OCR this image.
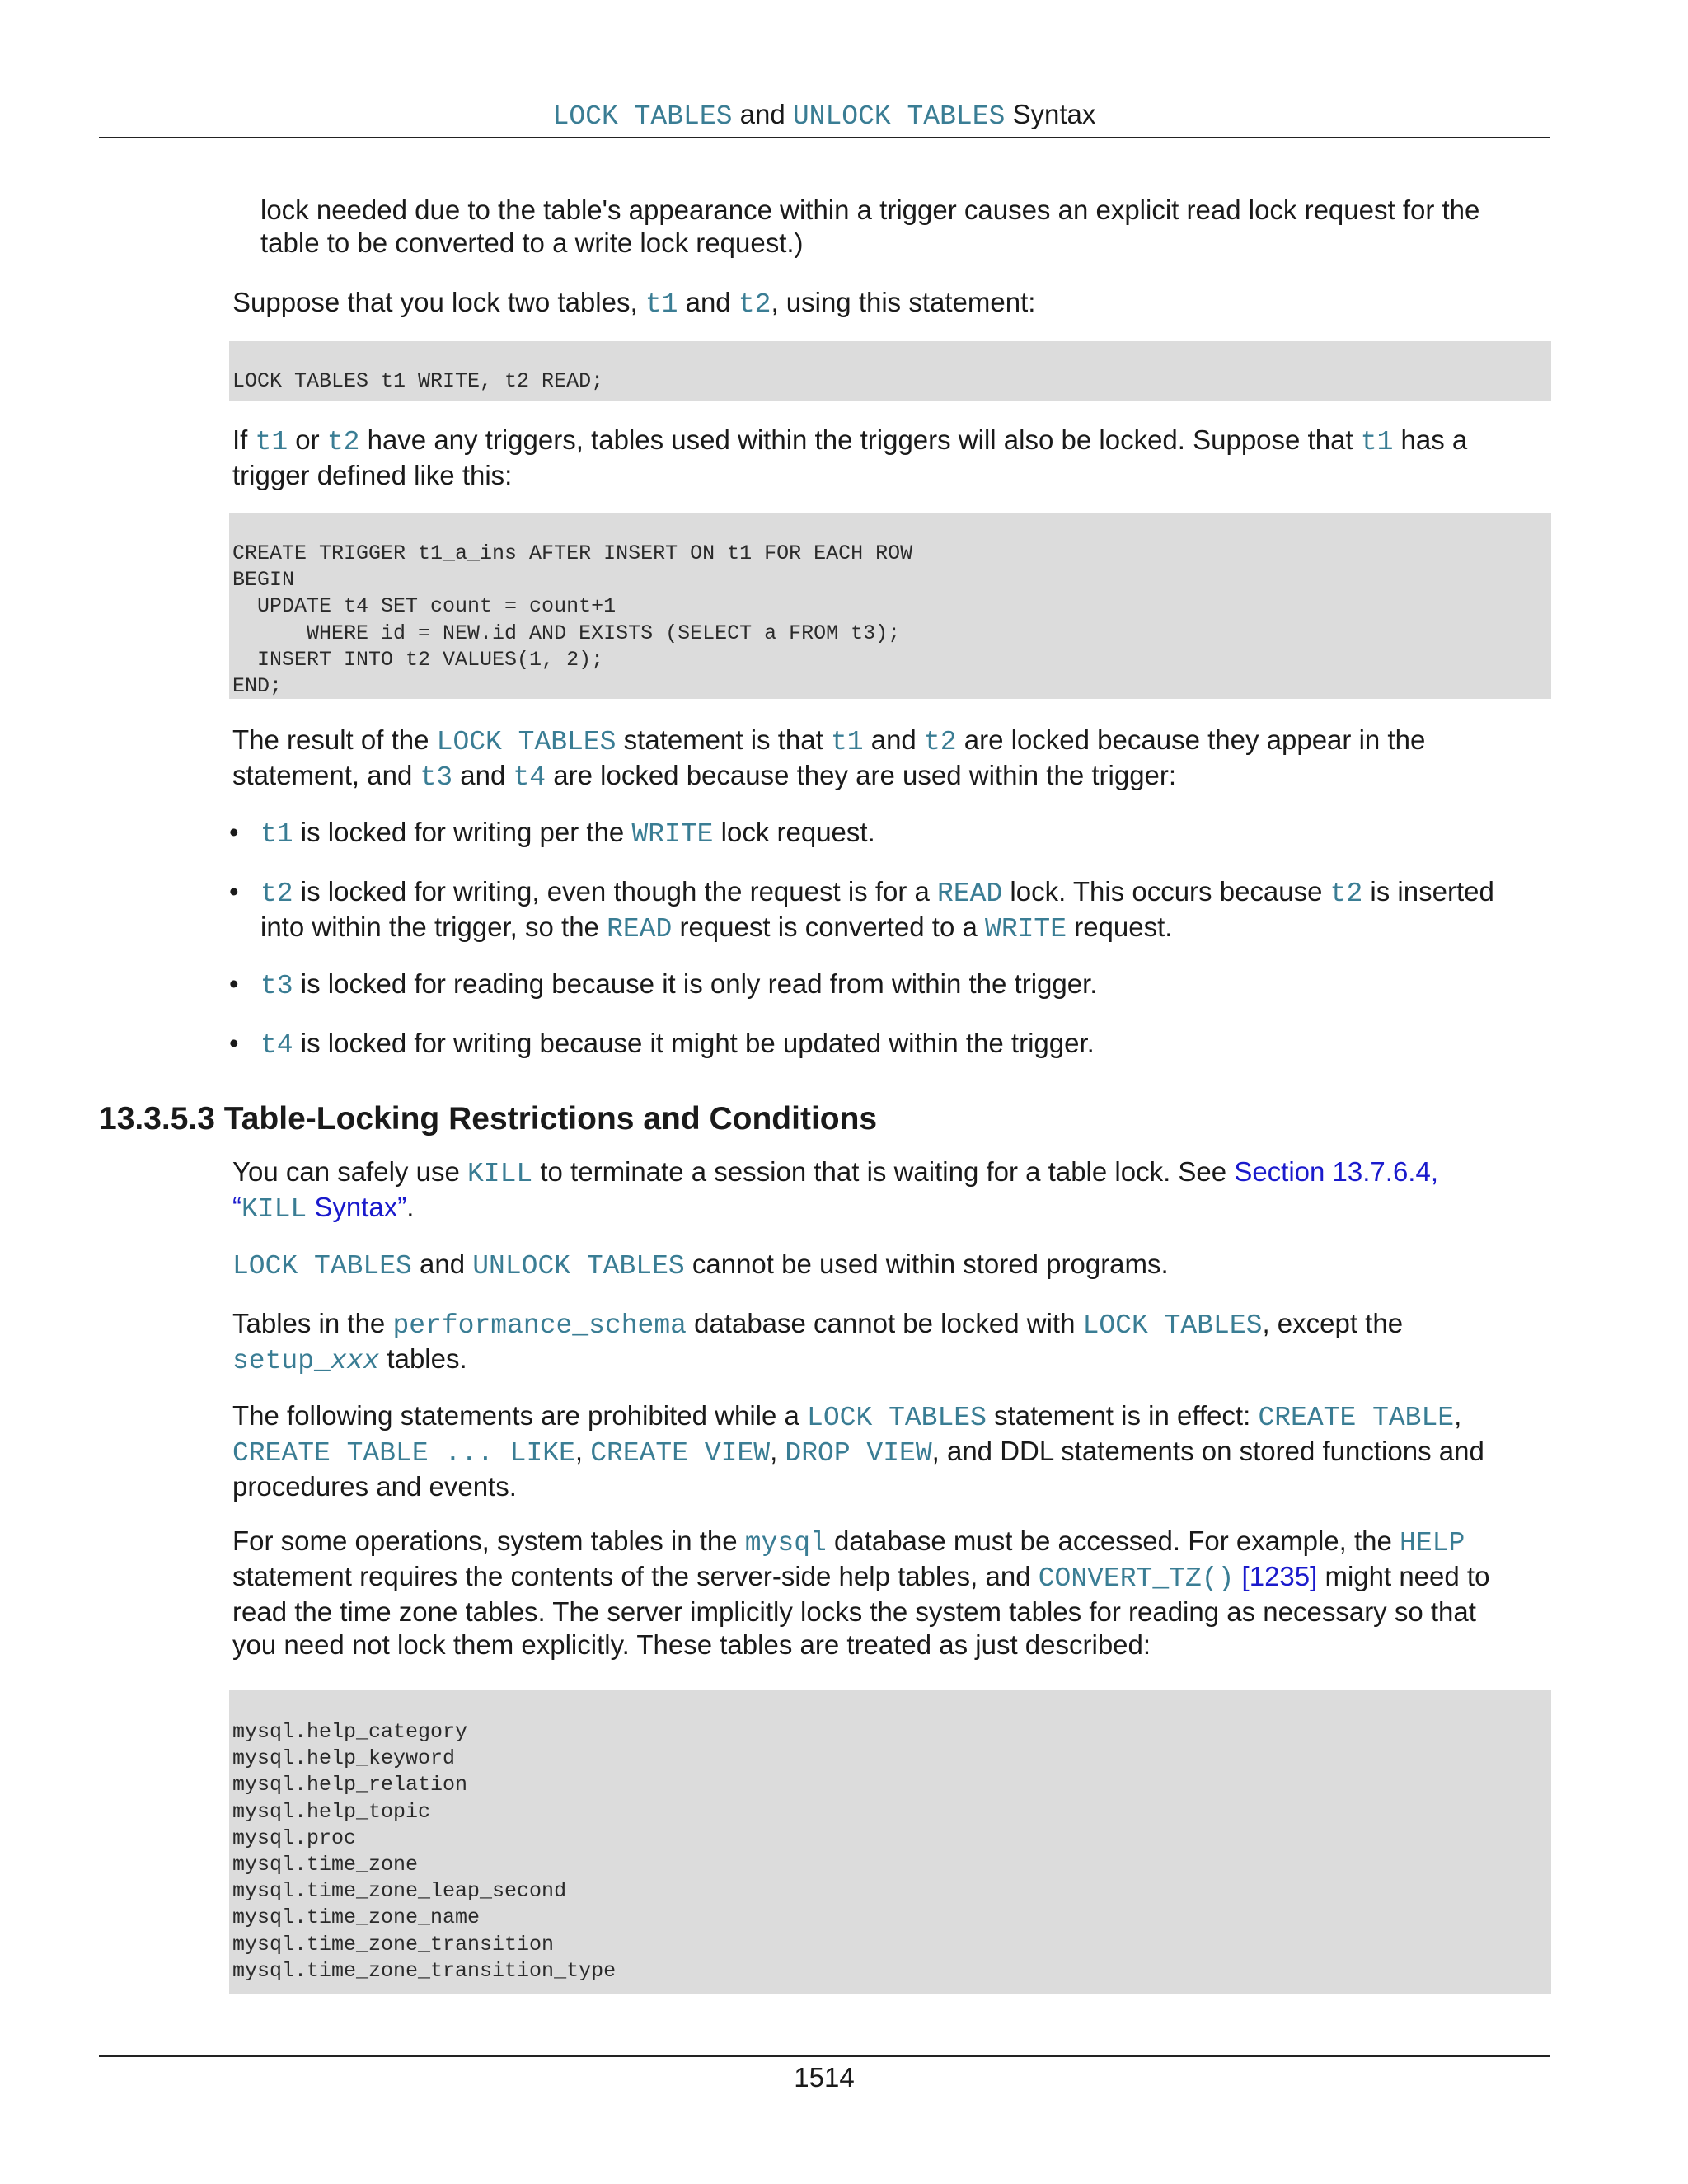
LOCK TABLES and UNLOCK TABLES Syntax

lock needed due to the table's appearance within a trigger causes an explicit read lock request for the
table to be converted to a write lock request.)

Suppose that you lock two tables, t1 and t2, using this statement:

LOCK TABLES t1 WRITE, t2 READ;

If t1 or t2 have any triggers, tables used within the triggers will also be locked. Suppose that t1 has a
trigger defined like this:

CREATE TRIGGER t1_a_ins AFTER INSERT ON t1 FOR EACH ROW
BEGIN
UPDATE t4 SET count = count+1
WHERE id = NEW.id AND EXISTS (SELECT a FROM t3);
INSERT INTO t2 VALUES(1, 2);
END;

The result of the LOCK TABLES statement is that t1 and t2 are locked because they appear in the
statement, and t3 and t4 are locked because they are used within the trigger:

• t1 is locked for writing per the WRITE lock request.
• t2 is locked for writing, even though the request is for a READ lock. This occurs because t2 is inserted
into within the trigger, so the READ request is converted to a WRITE request.
• t3 is locked for reading because it is only read from within the trigger.
• t4 is locked for writing because it might be updated within the trigger.
13.3.5.3 Table-Locking Restrictions and Conditions

You can safely use KILL to terminate a session that is waiting for a table lock. See Section 13.7.6.4,
“KILL Syntax”.

LOCK TABLES and UNLOCK TABLES cannot be used within stored programs.

Tables in the performance_schema database cannot be locked with LOCK TABLES, except the
setup_xxx tables.

The following statements are prohibited while a LOCK TABLES statement is in effect: CREATE TABLE,
CREATE TABLE ... LIKE, CREATE VIEW, DROP VIEW, and DDL statements on stored functions and
procedures and events.

For some operations, system tables in the mysql database must be accessed. For example, the HELP
statement requires the contents of the server-side help tables, and CONVERT_TZ() [1235] might need to
read the time zone tables. The server implicitly locks the system tables for reading as necessary so that
you need not lock them explicitly. These tables are treated as just described:

mysql.help_category
mysql.help_keyword
mysql.help_relation
mysql.help_topic
mysql.proc
mysql.time_zone
mysql.time_zone_leap_second
mysql.time_zone_name
mysql.time_zone_transition
mysql.time_zone_transition_type
1514
